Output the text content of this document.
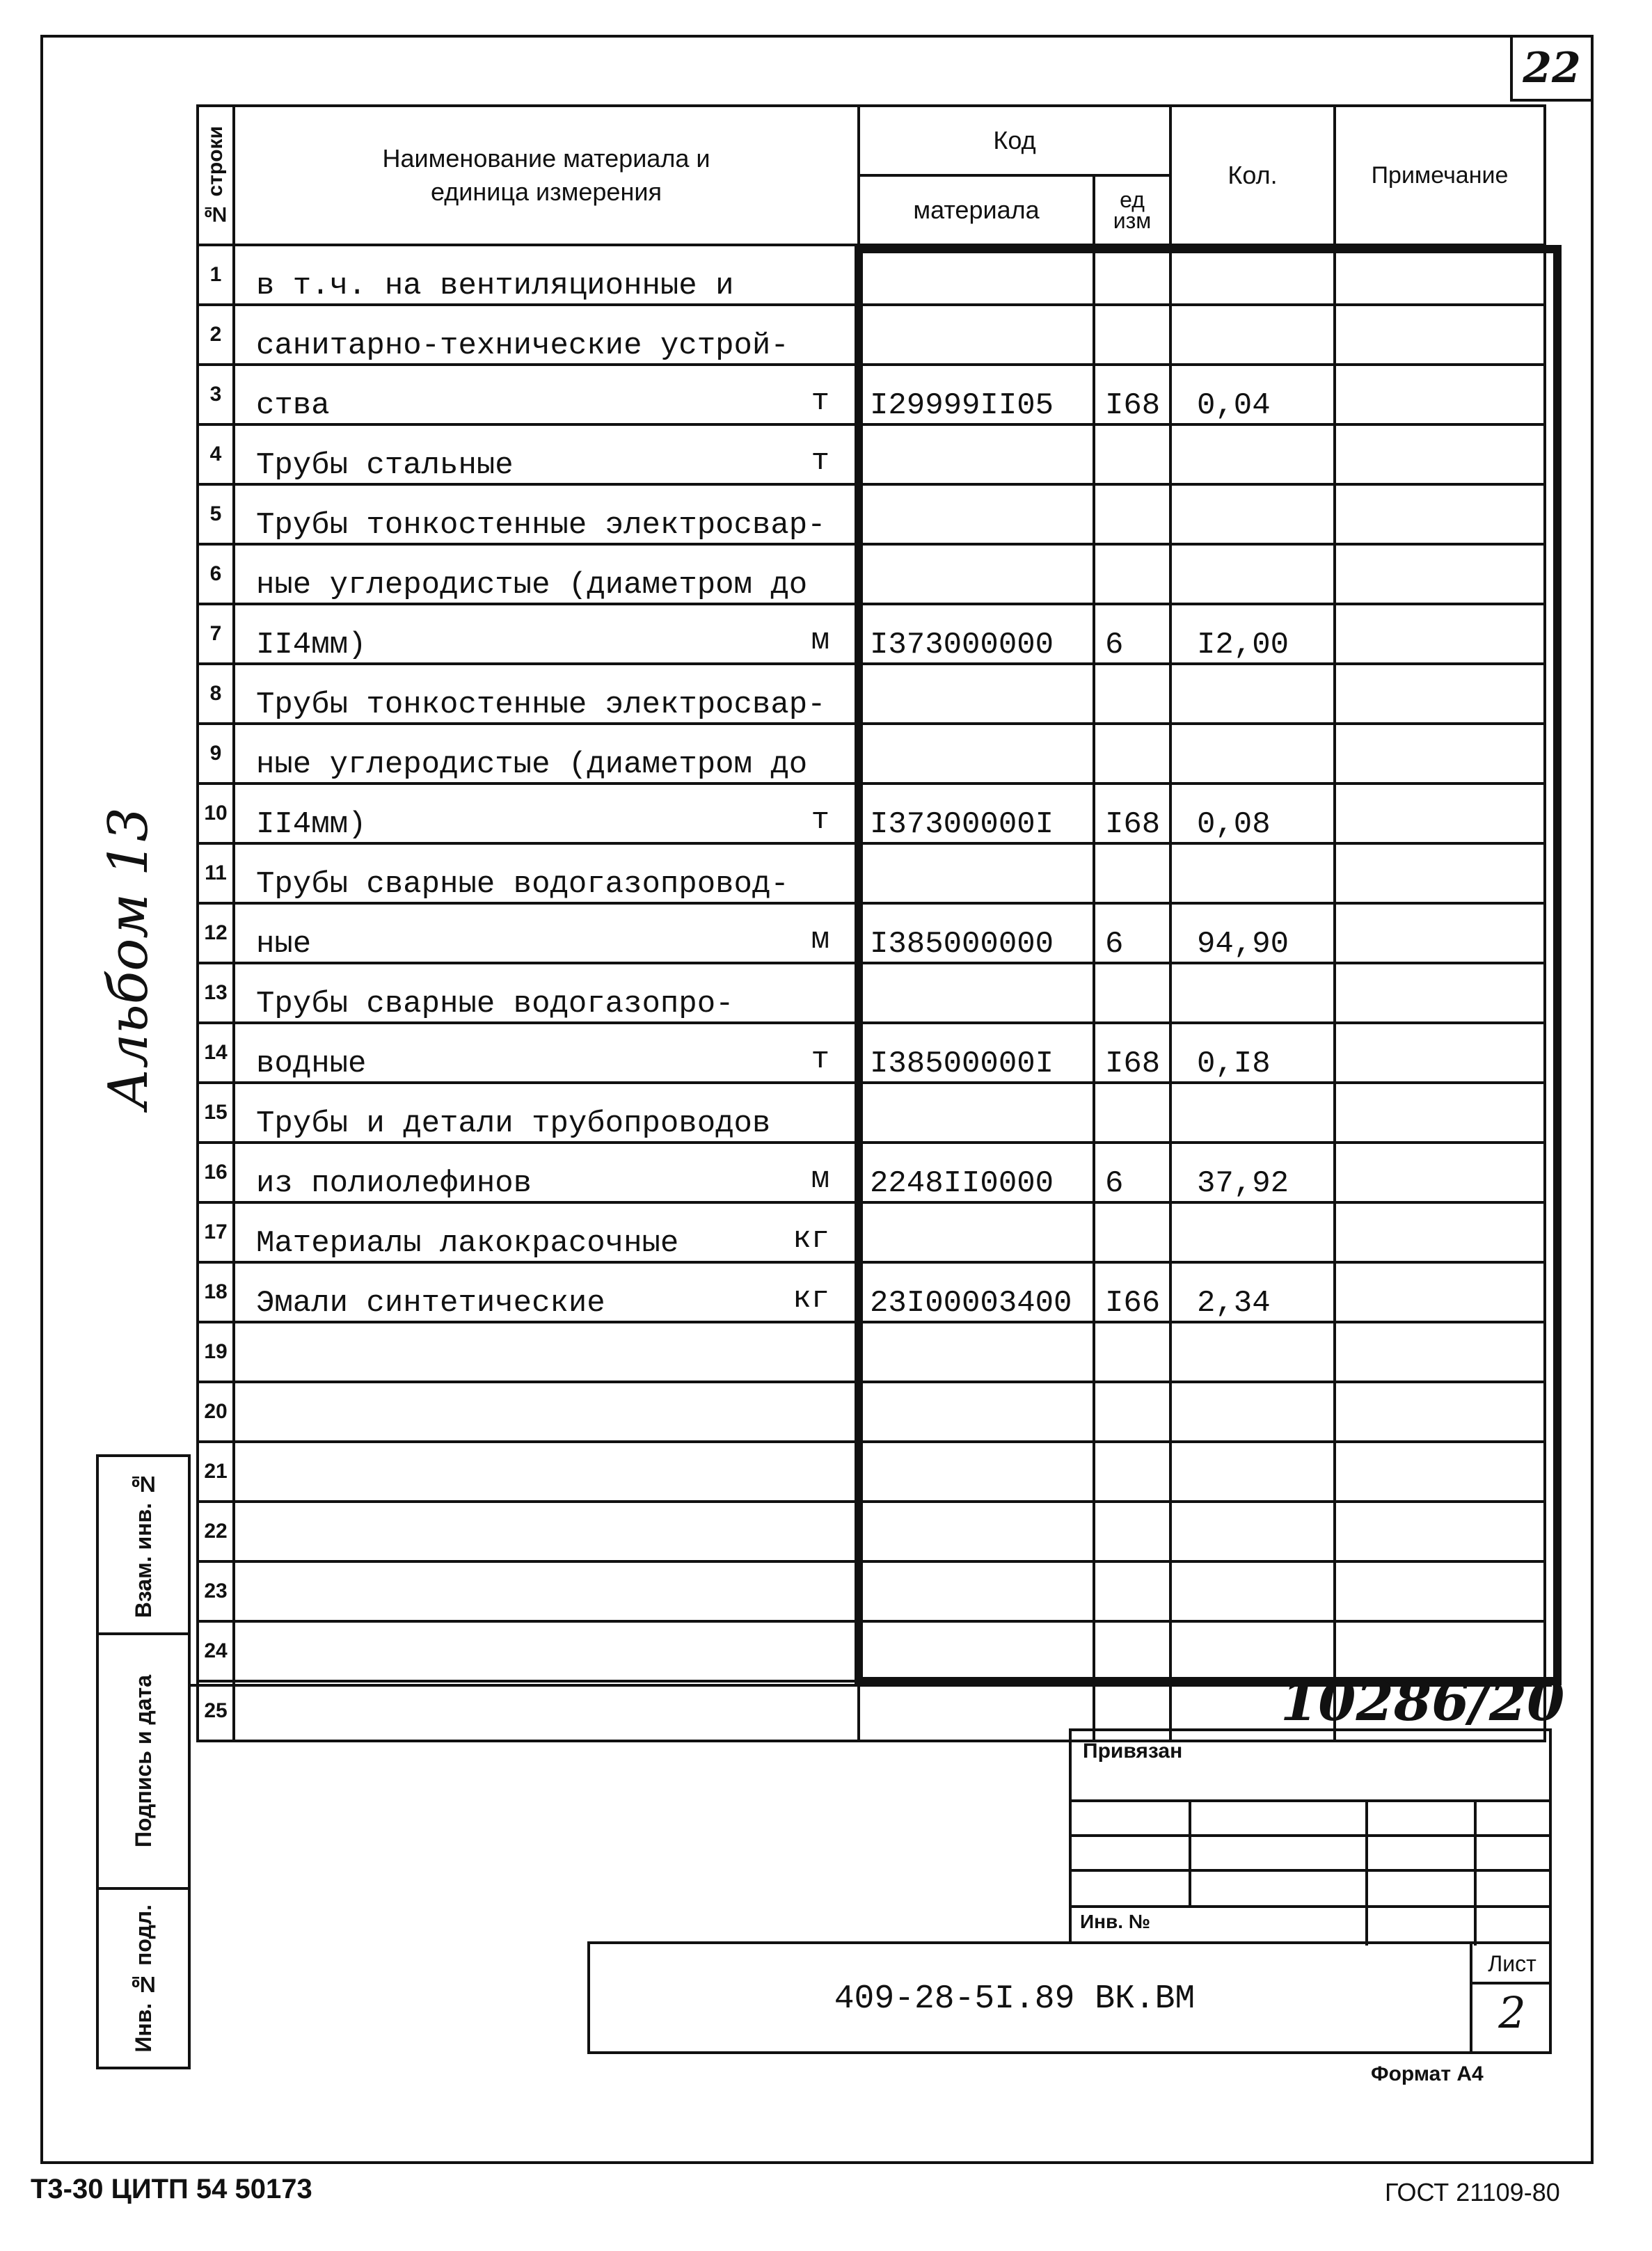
22
№ строки	Наименование материала и единица измерения	Код		Кол.	Примечание
		материала	ед изм		
1	в т.ч. на вентиляционные и

2	санитарно-технические устрой-

3	ства т	I29999II05	I68	0,04	
4	Трубы стальные т				

5	Трубы тонкостенные электросвар-

6	ные углеродистые (диаметром до

7	II4мм) м	I373000000	6	I2,00	
8	Трубы тонкостенные электросвар-

9	ные углеродистые (диаметром до

10	II4мм) т	I37300000I	I68	0,08	
11	Трубы сварные водогазопровод-

12	ные м	I385000000	6	94,90	
13	Трубы сварные водогазопро-

14	водные т	I38500000I	I68	0,I8	
15	Трубы и детали трубопроводов

16	из полиолефинов м	2248II0000	6	37,92	
17	Материалы лакокрасочные кг				

18	Эмали синтетические кг	23I00003400	I66	2,34	
19	

20	

21	

22	

23	

24	

25	

Взам. инв. №
Подпись и дата
Инв. № подл.
Альбом 13
10286/20
Привязан
Инв. №
409-28-5I.89 ВК.ВМ
Лист
2
Формат А4
Т3-30 ЦИТП 54 50173	ГОСТ 21109-80
